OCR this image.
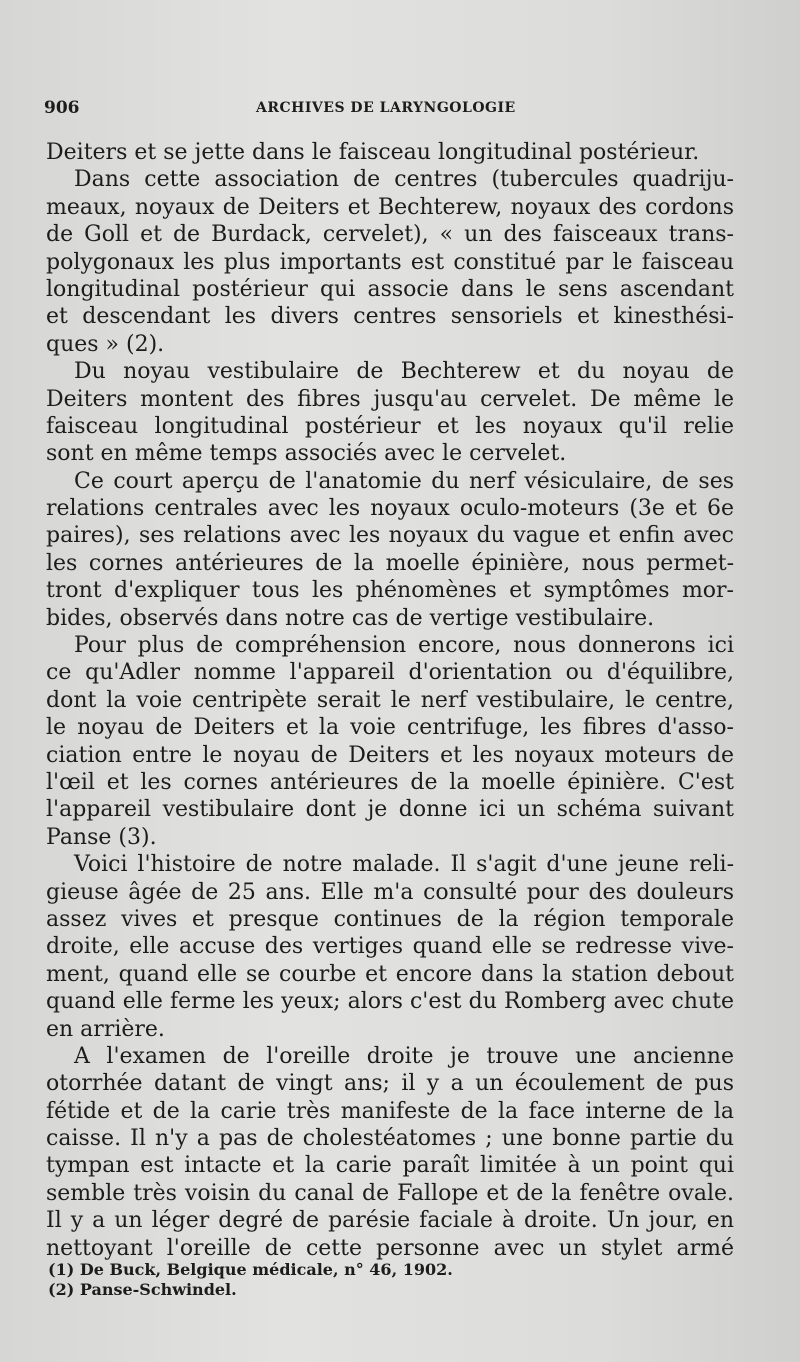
906	ARCHIVES DE LARYNGOLOGIE
Deiters et se jette dans le faisceau longitudinal postérieur.
Dans cette association de centres (tubercules quadriju-
meaux, noyaux de Deiters et Bechterew, noyaux des cordons
de Goll et de Burdack, cervelet), « un des faisceaux trans-
polygonaux les plus importants est constitué par le faisceau
longitudinal postérieur qui associe dans le sens ascendant
et descendant les divers centres sensoriels et kinesthési-
ques » (2).
Du noyau vestibulaire de Bechterew et du noyau de
Deiters montent des fibres jusqu'au cervelet. De même le
faisceau longitudinal postérieur et les noyaux qu'il relie
sont en même temps associés avec le cervelet.
Ce court aperçu de l'anatomie du nerf vésiculaire, de ses
relations centrales avec les noyaux oculo-moteurs (3e et 6e
paires), ses relations avec les noyaux du vague et enfin avec
les cornes antérieures de la moelle épinière, nous permet-
tront d'expliquer tous les phénomènes et symptômes mor-
bides, observés dans notre cas de vertige vestibulaire.
Pour plus de compréhension encore, nous donnerons ici
ce qu'Adler nomme l'appareil d'orientation ou d'équilibre,
dont la voie centripète serait le nerf vestibulaire, le centre,
le noyau de Deiters et la voie centrifuge, les fibres d'asso-
ciation entre le noyau de Deiters et les noyaux moteurs de
l'œil et les cornes antérieures de la moelle épinière. C'est
l'appareil vestibulaire dont je donne ici un schéma suivant
Panse (3).
Voici l'histoire de notre malade. Il s'agit d'une jeune reli-
gieuse âgée de 25 ans. Elle m'a consulté pour des douleurs
assez vives et presque continues de la région temporale
droite, elle accuse des vertiges quand elle se redresse vive-
ment, quand elle se courbe et encore dans la station debout
quand elle ferme les yeux; alors c'est du Romberg avec chute
en arrière.
A l'examen de l'oreille droite je trouve une ancienne
otorrhée datant de vingt ans; il y a un écoulement de pus
fétide et de la carie très manifeste de la face interne de la
caisse. Il n'y a pas de cholestéatomes ; une bonne partie du
tympan est intacte et la carie paraît limitée à un point qui
semble très voisin du canal de Fallope et de la fenêtre ovale.
Il y a un léger degré de parésie faciale à droite. Un jour, en
nettoyant l'oreille de cette personne avec un stylet armé
(1) De Buck, Belgique médicale, n° 46, 1902.
(2) Panse-Schwindel.
